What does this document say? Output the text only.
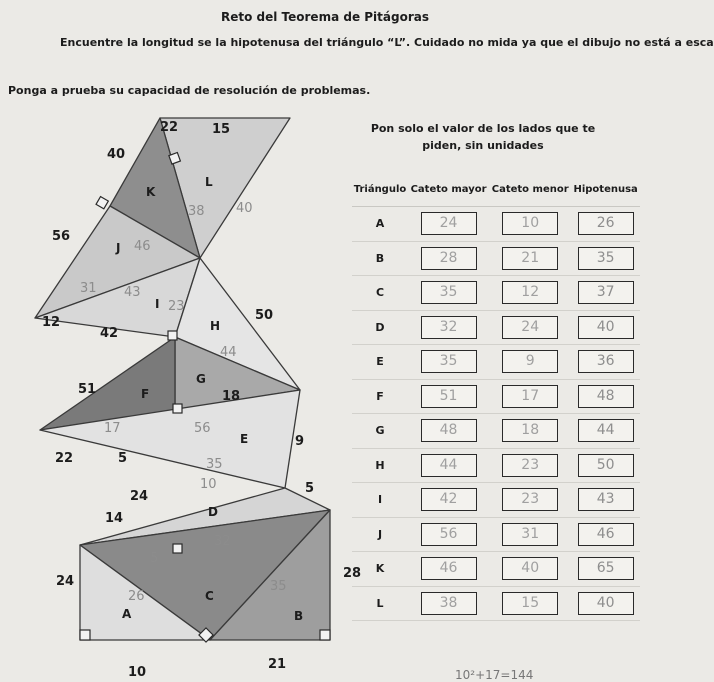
Reto del Teorema de Pitágoras
Encuentre la longitud se la hipotenusa del triángulo “L”. Cuidado no mida ya que el dibujo no está a esca
Ponga a prueba su capacidad de resolución de problemas.
Pon solo el valor de los lados que te
piden, sin unidades
22	15
40
56
12
42
50
51	18
9
22	5
5
24
14
24
28
10
21
K
L
J
I
H
F
G
E
D
C
B
A
38 40
46
31 43
23
44
17	56
35
10
32
26
35
5
Triángulo	Cateto mayor	Cateto menor	Hipotenusa
A	24	10	26
B	28	21	35
C	35	12	37
D	32	24	40
E	35	9	36
F	51	17	48
G	48	18	44
H	44	23	50
I	42	23	43
J	56	31	46
K	46	40	65
L	38	15	40
10²+17=144
